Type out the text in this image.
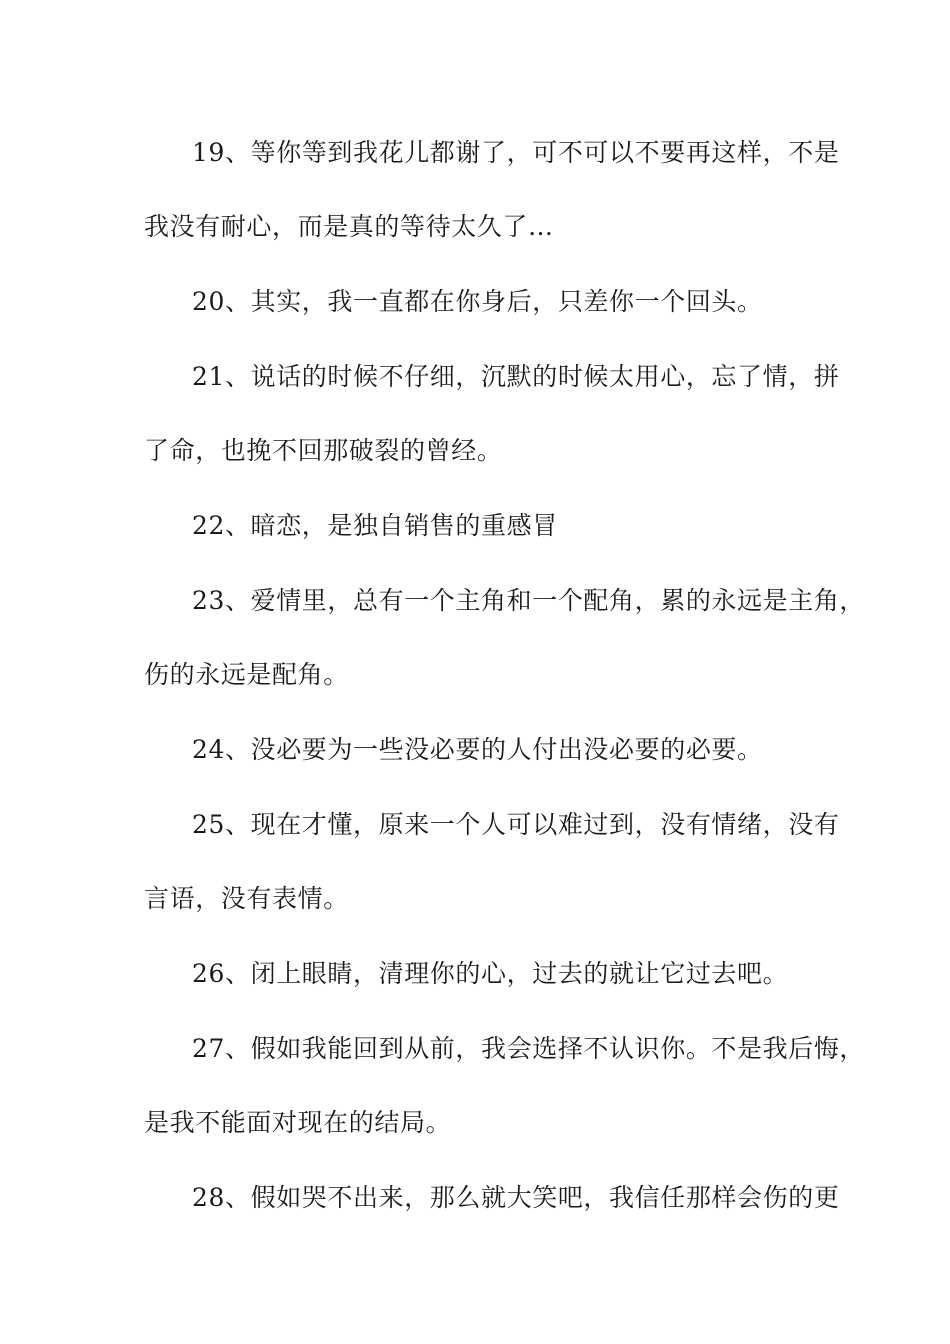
19、等你等到我花儿都谢了，可不可以不要再这样，不是
我没有耐心，而是真的等待太久了…
20、其实，我一直都在你身后，只差你一个回头。
21、说话的时候不仔细，沉默的时候太用心，忘了情，拼
了命，也挽不回那破裂的曾经。
22、暗恋，是独自销售的重感冒
23、爱情里，总有一个主角和一个配角，累的永远是主角，
伤的永远是配角。
24、没必要为一些没必要的人付出没必要的必要。
25、现在才懂，原来一个人可以难过到，没有情绪，没有
言语，没有表情。
26、闭上眼睛，清理你的心，过去的就让它过去吧。
27、假如我能回到从前，我会选择不认识你。不是我后悔，
是我不能面对现在的结局。
28、假如哭不出来，那么就大笑吧，我信任那样会伤的更
